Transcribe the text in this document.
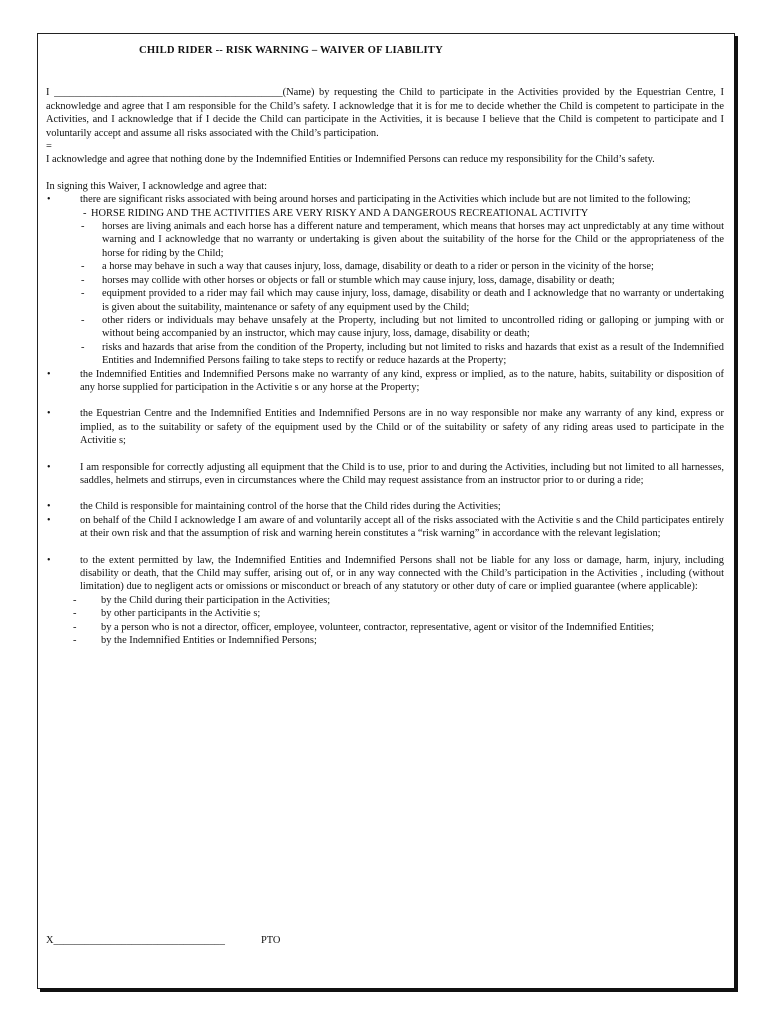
CHILD RIDER -- RISK WARNING – WAIVER OF LIABILITY

I ____________________________________________(Name) by requesting the Child to participate in the Activities provided by the Equestrian Centre, I acknowledge and agree that I am responsible for the Child’s safety. I acknowledge that it is for me to decide whether the Child is competent to participate in the Activities, and I acknowledge that if I decide the Child can participate in the Activities, it is because I believe that the Child is competent to participate and I voluntarily accept and assume all risks associated with the Child’s participation.

=

I acknowledge and agree that nothing done by the Indemnified Entities or Indemnified Persons can reduce my responsibility for the Child’s safety.

In signing this Waiver, I acknowledge and agree that:

• there are significant risks associated with being around horses and participating in the Activities which include but are not limited to the following;

- HORSE RIDING AND THE ACTIVITIES ARE VERY RISKY AND A DANGEROUS RECREATIONAL ACTIVITY

- horses are living animals and each horse has a different nature and temperament, which means that horses may act unpredictably at any time without warning and I acknowledge that no warranty or undertaking is given about the suitability of the horse for the Child or the appropriateness of the horse for riding by the Child;

- a horse may behave in such a way that causes injury, loss, damage, disability or death to a rider or person in the vicinity of the horse;

- horses may collide with other horses or objects or fall or stumble which may cause injury, loss, damage, disability or death;

- equipment provided to a rider may fail which may cause injury, loss, damage, disability or death and I acknowledge that no warranty or undertaking is given about the suitability, maintenance or safety of any equipment used by the Child;

- other riders or individuals may behave unsafely at the Property, including but not limited to uncontrolled riding or galloping or jumping with or without being accompanied by an instructor, which may cause injury, loss, damage, disability or death;

- risks and hazards that arise from the condition of the Property, including but not limited to risks and hazards that exist as a result of the Indemnified Entities and Indemnified Persons failing to take steps to rectify or reduce hazards at the Property;

• the Indemnified Entities and Indemnified Persons make no warranty of any kind, express or implied, as to the nature, habits, suitability or disposition of any horse supplied for participation in the Activitie s or any horse at the Property;

• the Equestrian Centre and the Indemnified Entities and Indemnified Persons are in no way responsible nor make any warranty of any kind, express or implied, as to the suitability or safety of the equipment used by the Child or of the suitability or safety of any riding areas used to participate in the Activitie s;

• I am responsible for correctly adjusting all equipment that the Child is to use, prior to and during the Activities, including but not limited to all harnesses, saddles, helmets and stirrups, even in circumstances where the Child may request assistance from an instructor prior to or during a ride;

• the Child is responsible for maintaining control of the horse that the Child rides during the Activities;

• on behalf of the Child I acknowledge I am aware of and voluntarily accept all of the risks associated with the Activitie s and the Child participates entirely at their own risk and that the assumption of risk and warning herein constitutes a “risk warning” in accordance with the relevant legislation;

• to the extent permitted by law, the Indemnified Entities and Indemnified Persons shall not be liable for any loss or damage, harm, injury, including disability or death, that the Child may suffer, arising out of, or in any way connected with the Child’s participation in the Activities , including (without limitation) due to negligent acts or omissions or misconduct or breach of any statutory or other duty of care or implied guarantee (where applicable):

- by the Child during their participation in the Activities;

- by other participants in the Activitie s;

- by a person who is not a director, officer, employee, volunteer, contractor, representative, agent or visitor of the Indemnified Entities;

- by the Indemnified Entities or Indemnified Persons;

X_________________________________	PTO
